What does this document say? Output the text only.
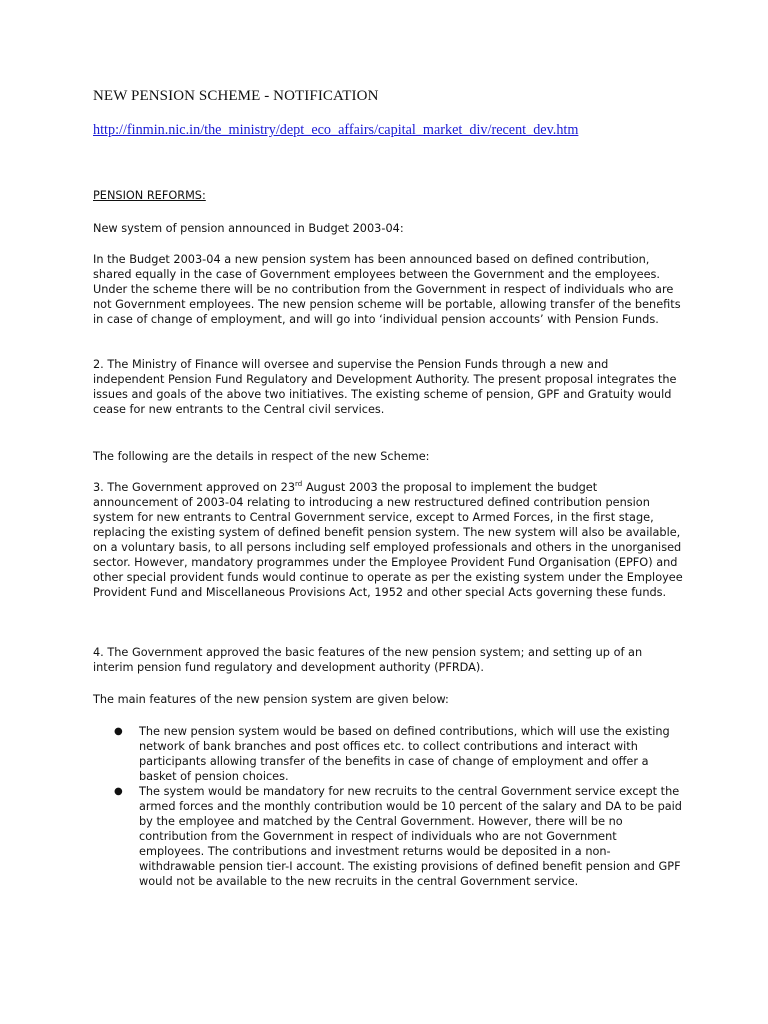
NEW PENSION SCHEME - NOTIFICATION
http://finmin.nic.in/the_ministry/dept_eco_affairs/capital_market_div/recent_dev.htm

PENSION REFORMS:

New system of pension announced in Budget 2003-04:

In the Budget 2003-04 a new pension system has been announced based on defined contribution, shared equally in the case of Government employees between the Government and the employees. Under the scheme there will be no contribution from the Government in respect of individuals who are not Government employees. The new pension scheme will be portable, allowing transfer of the benefits in case of change of employment, and will go into ‘individual pension accounts’ with Pension Funds.

2. The Ministry of Finance will oversee and supervise the Pension Funds through a new and independent Pension Fund Regulatory and Development Authority. The present proposal integrates the issues and goals of the above two initiatives. The existing scheme of pension, GPF and Gratuity would cease for new entrants to the Central civil services.

The following are the details in respect of the new Scheme:

3. The Government approved on 23rd August 2003 the proposal to implement the budget announcement of 2003-04 relating to introducing a new restructured defined contribution pension system for new entrants to Central Government service, except to Armed Forces, in the first stage, replacing the existing system of defined benefit pension system. The new system will also be available, on a voluntary basis, to all persons including self employed professionals and others in the unorganised sector. However, mandatory programmes under the Employee Provident Fund Organisation (EPFO) and other special provident funds would continue to operate as per the existing system under the Employee Provident Fund and Miscellaneous Provisions Act, 1952 and other special Acts governing these funds.

4. The Government approved the basic features of the new pension system; and setting up of an interim pension fund regulatory and development authority (PFRDA).

The main features of the new pension system are given below:

● The new pension system would be based on defined contributions, which will use the existing network of bank branches and post offices etc. to collect contributions and interact with participants allowing transfer of the benefits in case of change of employment and offer a basket of pension choices.
● The system would be mandatory for new recruits to the central Government service except the armed forces and the monthly contribution would be 10 percent of the salary and DA to be paid by the employee and matched by the Central Government. However, there will be no contribution from the Government in respect of individuals who are not Government employees. The contributions and investment returns would be deposited in a non-withdrawable pension tier-I account. The existing provisions of defined benefit pension and GPF would not be available to the new recruits in the central Government service.
